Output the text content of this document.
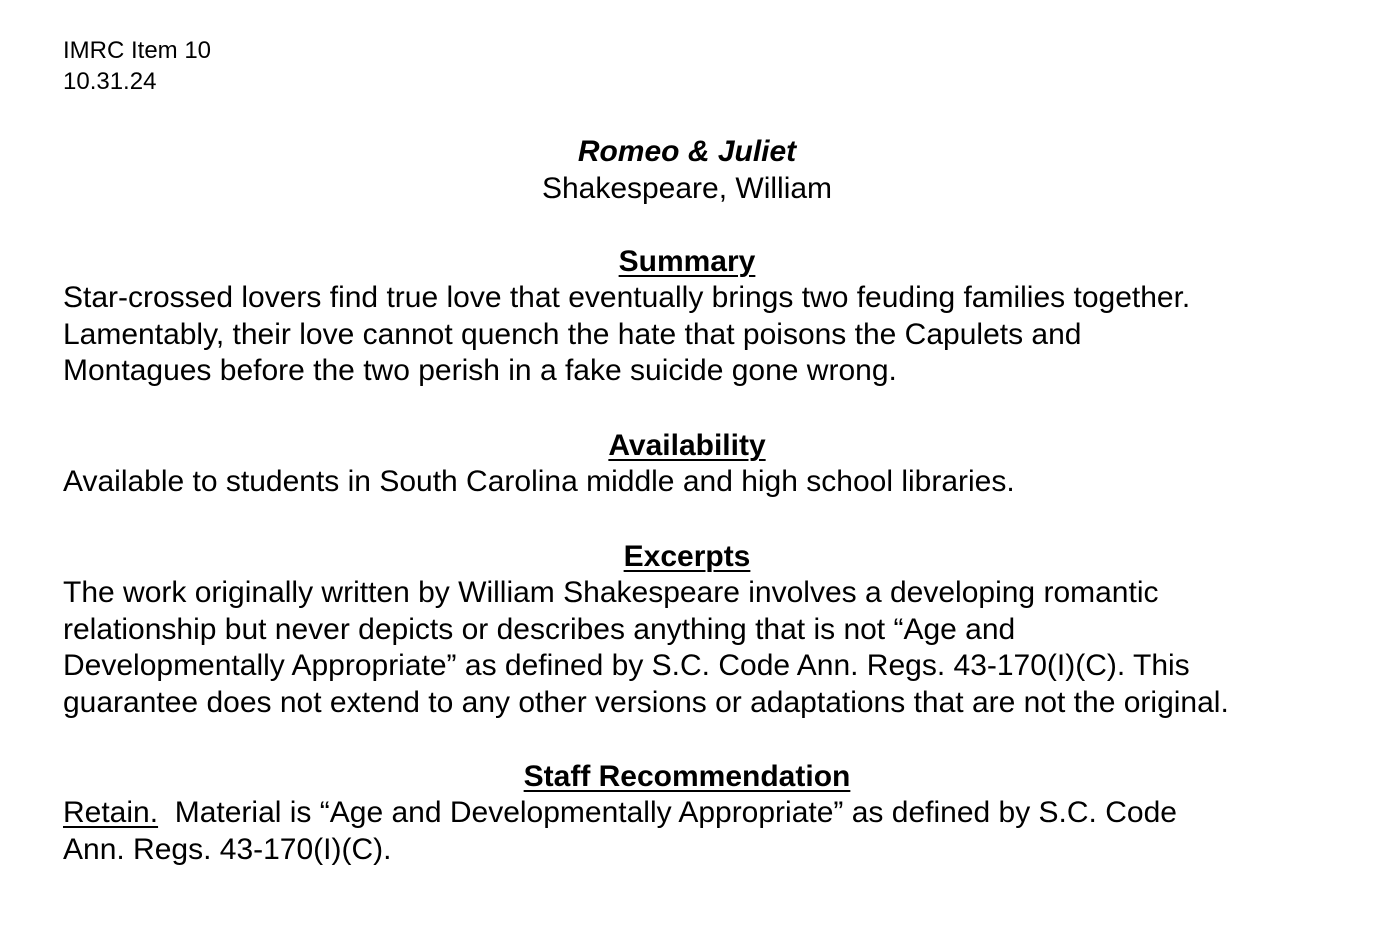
IMRC Item 10
10.31.24
Romeo & Juliet
Shakespeare, William
Summary
Star-crossed lovers find true love that eventually brings two feuding families together.
Lamentably, their love cannot quench the hate that poisons the Capulets and
Montagues before the two perish in a fake suicide gone wrong.
Availability
Available to students in South Carolina middle and high school libraries.
Excerpts
The work originally written by William Shakespeare involves a developing romantic
relationship but never depicts or describes anything that is not “Age and
Developmentally Appropriate” as defined by S.C. Code Ann. Regs. 43-170(I)(C). This
guarantee does not extend to any other versions or adaptations that are not the original.
Staff Recommendation
Retain.  Material is “Age and Developmentally Appropriate” as defined by S.C. Code
Ann. Regs. 43-170(I)(C).
